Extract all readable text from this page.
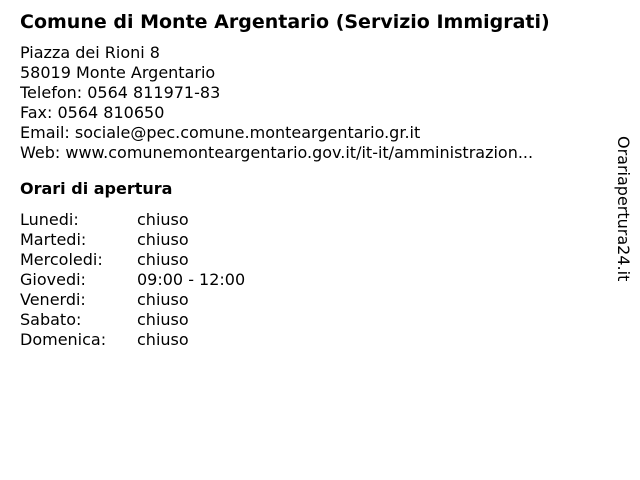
Comune di Monte Argentario (Servizio Immigrati)
Piazza dei Rioni 8
58019 Monte Argentario
Telefon: 0564 811971-83
Fax: 0564 810650
Email: sociale@pec.comune.monteargentario.gr.it
Web: www.comunemonteargentario.gov.it/it-it/amministrazion...
Orari di apertura
Lunedi:	chiuso
Martedi:	chiuso
Mercoledi:	chiuso
Giovedi:	09:00 - 12:00
Venerdi:	chiuso
Sabato:	chiuso
Domenica:	chiuso
Orariapertura24.it
